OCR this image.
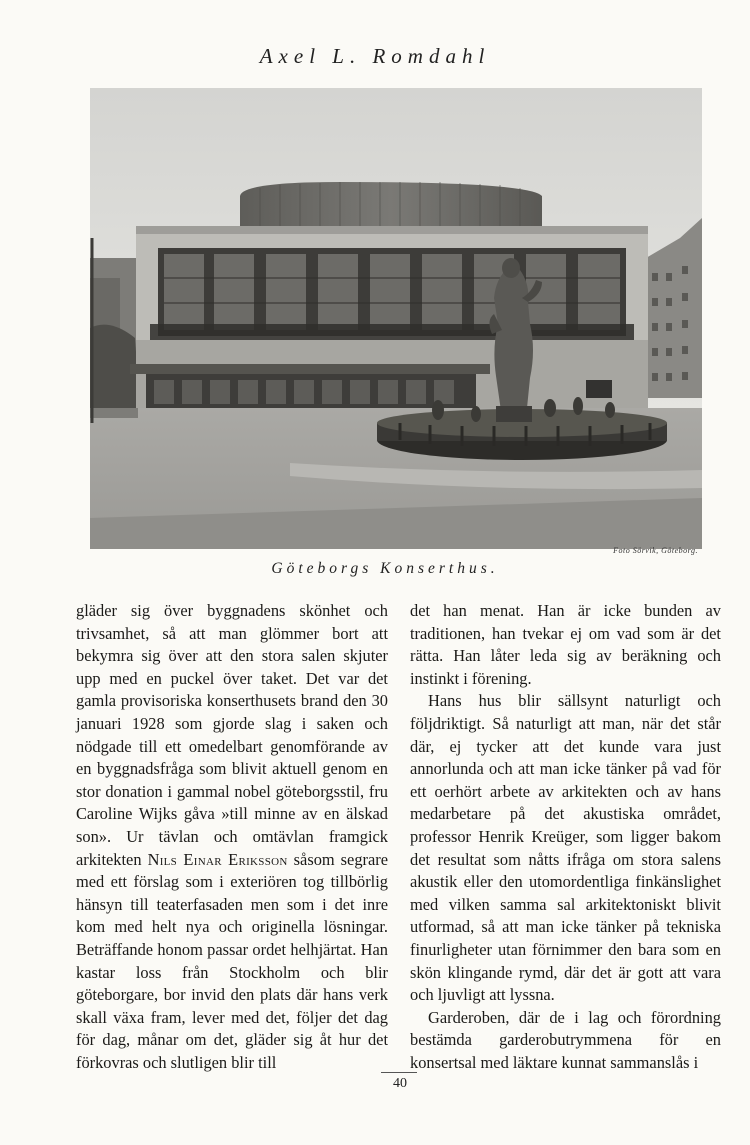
Axel L. Romdahl
Foto Sörvik, Göteborg.
Göteborgs Konserthus.

gläder sig över byggnadens skönhet och trivsamhet, så att man glömmer bort att bekymra sig över att den stora salen skjuter upp med en puckel över taket. Det var det gamla provisoriska konserthusets brand den 30 januari 1928 som gjorde slag i saken och nödgade till ett omedelbart genomförande av en byggnadsfråga som blivit aktuell genom en stor donation i gammal nobel göteborgsstil, fru Caroline Wijks gåva »till minne av en älskad son». Ur tävlan och omtävlan framgick arkitekten Nils Einar Eriksson såsom segrare med ett förslag som i exteriören tog tillbörlig hänsyn till teaterfasaden men som i det inre kom med helt nya och originella lösningar. Beträffande honom passar ordet helhjärtat. Han kastar loss från Stockholm och blir göteborgare, bor invid den plats där hans verk skall växa fram, lever med det, följer det dag för dag, månar om det, gläder sig åt hur det förkovras och slutligen blir till

det han menat. Han är icke bunden av traditionen, han tvekar ej om vad som är det rätta. Han låter leda sig av beräkning och instinkt i förening.

Hans hus blir sällsynt naturligt och följdriktigt. Så naturligt att man, när det står där, ej tycker att det kunde vara just annorlunda och att man icke tänker på vad för ett oerhört arbete av arkitekten och av hans medarbetare på det akustiska området, professor Henrik Kreüger, som ligger bakom det resultat som nåtts ifråga om stora salens akustik eller den utomordentliga finkänslighet med vilken samma sal arkitektoniskt blivit utformad, så att man icke tänker på tekniska finurligheter utan förnimmer den bara som en skön klingande rymd, där det är gott att vara och ljuvligt att lyssna.

Garderoben, där de i lag och förordning bestämda garderobutrymmena för en konsertsal med läktare kunnat sammanslås i

40
